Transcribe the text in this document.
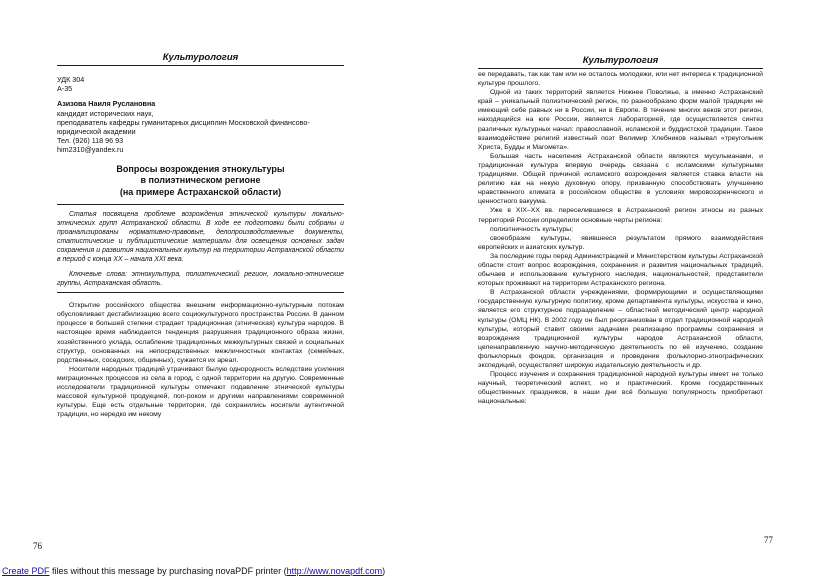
Культурология
УДК 304
А-35
Азизова Наиля Руслановна
кандидат исторических наук,
преподаватель кафедры гуманитарных дисциплин Московской финансово-юридической академии
Тел. (926) 118 96 93
him2310@yandex.ru
Вопросы возрождения этнокультуры
в полиэтническом регионе
(на примере Астраханской области)

Статья посвящена проблеме возрождения этнической культуры локально-этнических групп Астраханской области. В ходе ее подготовки были собраны и проанализированы нормативно-правовые, делопроизводственные документы, статистические и публицистические материалы для освещения основных задач сохранения и развития национальных культур на территории Астраханской области в период с конца XX – начала XXI века.

Ключевые слова: этнокультура, полиэтнический регион, локально-этнические группы, Астраханская область.

Открытие российского общества внешним информационно-культурным потокам обусловливает дестабилизацию всего социокультурного пространства России. В данном процессе в большей степени страдает традиционная (этническая) культура народов. В настоящее время наблюдается тенденция разрушения традиционного образа жизни, хозяйственного уклада, ослабление традиционных межкультурных связей и социальных структур, основанных на непосредственных межличностных контактах (семейных, родственных, соседских, общинных), сужается их ареал.

Носители народных традиций утрачивают былую однородность вследствие усиления миграционных процессов из села в город, с одной территории на другую. Современные исследователи традиционной культуры отмечают подавление этнической культуры массовой культурной продукцией, поп-роком и другими направлениями современной культуры. Еще есть отдельные территории, где сохранились носители аутентичной традиции, но нередко им некому

76
Культурология

ее передавать, так как там или не осталось молодежи, или нет интереса к традиционной культуре прошлого.

Одной из таких территорий является Нижнее Поволжье, а именно Астраханский край – уникальный полиэтнический регион, по разнообразию форм малой традиции не имеющий себе равных ни в России, ни в Европе. В течение многих веков этот регион, находящийся на юге России, является лабораторией, где осуществляется синтез различных культурных начал: православной, исламской и буддистской традиции. Такое взаимодействие религий известный поэт Велимир Хлебников называл «треугольник Христа, Будды и Магомета».

Большая часть населения Астраханской области являются мусульманами, и традиционная культура впервую очередь связана с исламскими культурными традициями. Общей причиной исламского возрождения является ставка власти на религию как на некую духовную опору, призванную способствовать улучшению нравственного климата в российском обществе в условиях мировоззренческого и ценностного вакуума.

Уже в XIX–XX вв. переселившиеся в Астраханский регион этносы из разных территорий России определили основные черты региона:

полиэтничность культуры;

своеобразие культуры, явившееся результатом прямого взаимодействия европейских и азиатских культур.

За последние годы перед Администрацией и Министерством культуры Астраханской области стоит вопрос возрождения, сохранения и развития национальных традиций, обычаев и использование культурного наследия, национальностей, представители которых проживают на территории Астраханского региона.

В Астраханской области учреждениями, формирующими и осуществляющими государственную культурную политику, кроме департамента культуры, искусства и кино, является его структурное подразделение – областной методический центр народной культуры (ОМЦ НК). В 2002 году он был реорганизован в отдел традиционной народной культуры, который ставит своими задачами реализацию программы сохранения и возрождения традиционной культуры народов Астраханской области, целенаправленную научно-методическую деятельность по её изучению, создание фольклорных фондов, организация и проведение фольклорно-этнографических экспедиций, осуществляет широкую издательскую деятельность и др.

Процесс изучения и сохранения традиционной народной культуры имеет не только научный, теоретический аспект, но и практический. Кроме государственных общественных праздников, в наши дни всё большую популярность приобретают национальные:

77
Create PDF files without this message by purchasing novaPDF printer (http://www.novapdf.com)
